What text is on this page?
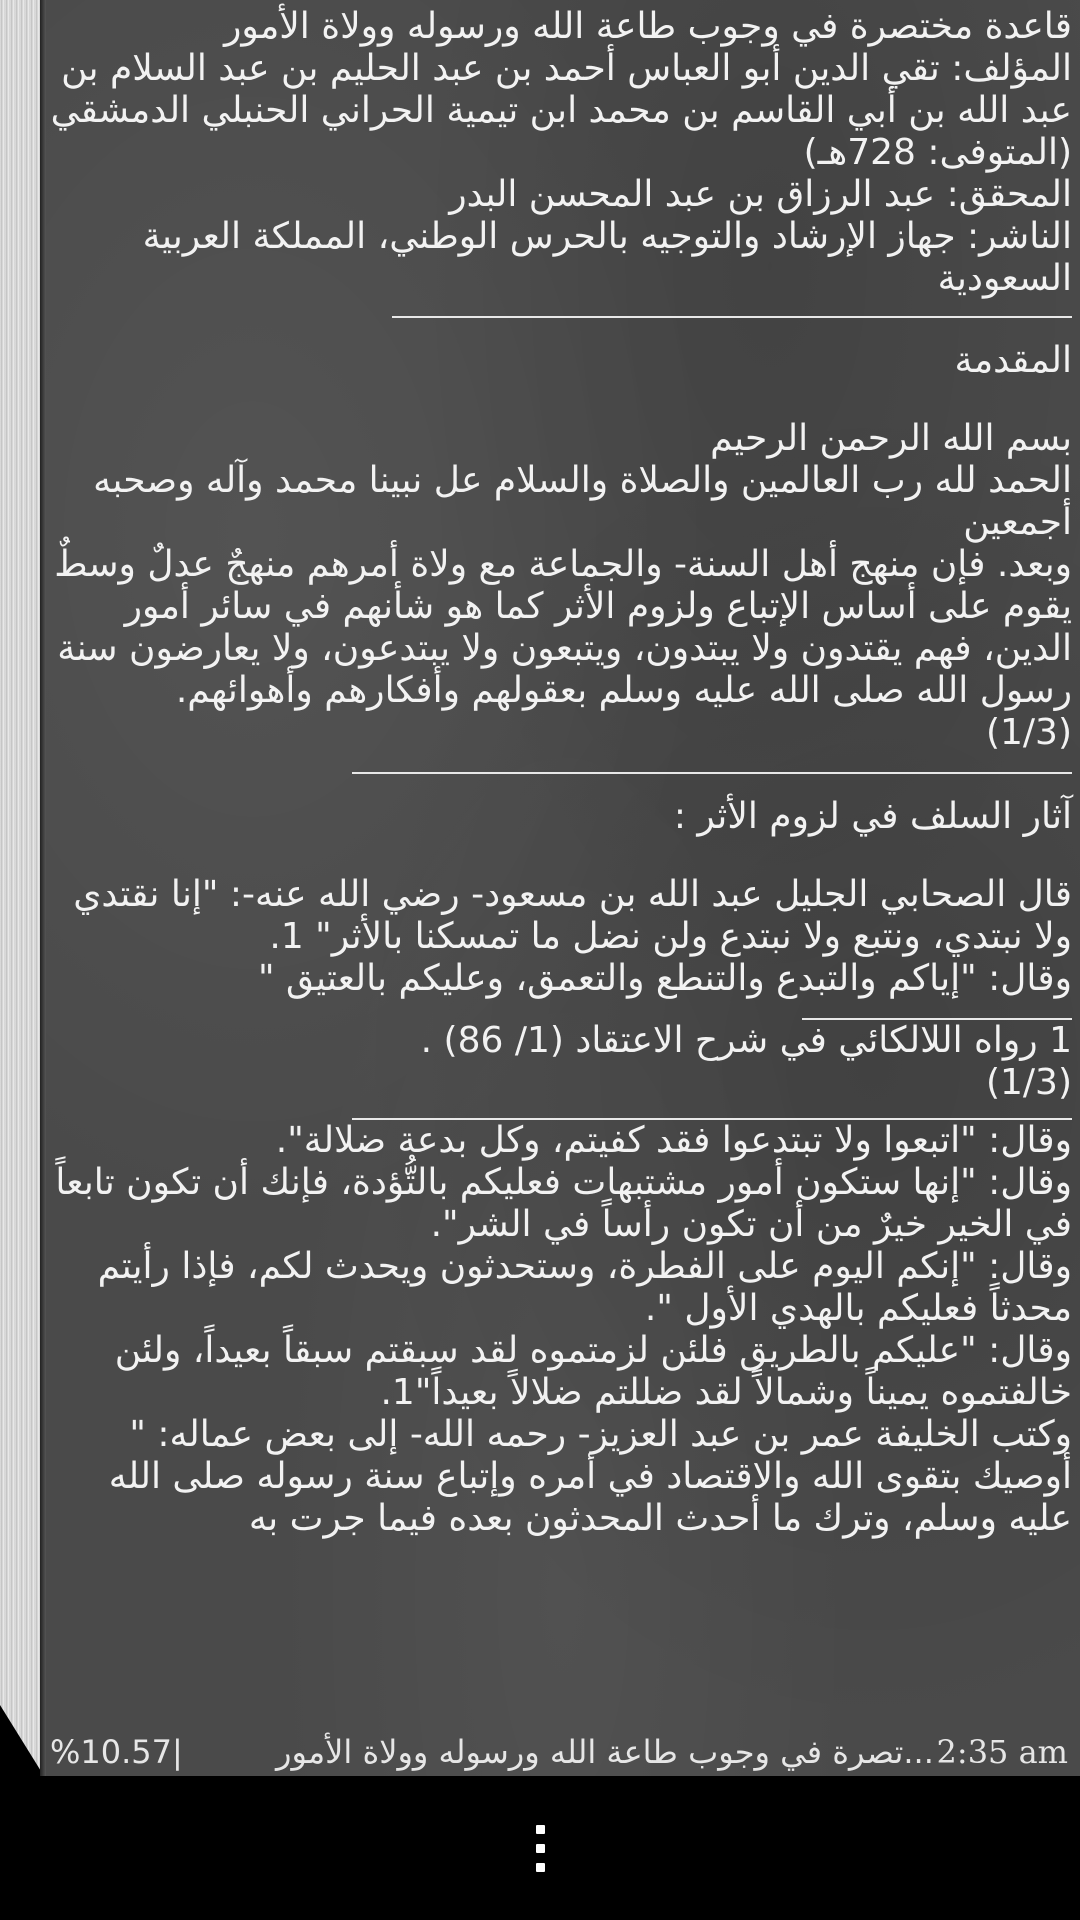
قاعدة مختصرة في وجوب طاعة الله ورسوله وولاة الأمور

المؤلف: تقي الدين أبو العباس أحمد بن عبد الحليم بن عبد السلام بن عبد الله بن أبي القاسم بن محمد ابن تيمية الحراني الحنبلي الدمشقي (المتوفى: 728هـ)

المحقق: عبد الرزاق بن عبد المحسن البدر

الناشر: جهاز الإرشاد والتوجيه بالحرس الوطني، المملكة العربية السعودية

المقدمة

بسم الله الرحمن الرحيم

الحمد لله رب العالمين والصلاة والسلام عل نبينا محمد وآله وصحبه أجمعين

وبعد. فإن منهج أهل السنة- والجماعة مع ولاة أمرهم منهجٌ عدلٌ وسطٌ يقوم على أساس الإتباع ولزوم الأثر كما هو شأنهم في سائر أمور الدين، فهم يقتدون ولا يبتدون، ويتبعون ولا يبتدعون، ولا يعارضون سنة رسول الله صلى الله عليه وسلم بعقولهم وأفكارهم وأهوائهم.

(1/3)

آثار السلف في لزوم الأثر :

قال الصحابي الجليل عبد الله بن مسعود- رضي الله عنه-: "إنا نقتدي ولا نبتدي، ونتبع ولا نبتدع ولن نضل ما تمسكنا بالأثر" 1.

وقال: "إياكم والتبدع والتنطع والتعمق، وعليكم بالعتيق "

1 رواه اللالكائي في شرح الاعتقاد (1/ 86) .

(1/3)

وقال: "اتبعوا ولا تبتدعوا فقد كفيتم، وكل بدعة ضلالة".

وقال: "إنها ستكون أمور مشتبهات فعليكم بالتُّؤدة، فإنك أن تكون تابعاً في الخير خيرٌ من أن تكون رأساً في الشر".

وقال: "إنكم اليوم على الفطرة، وستحدثون ويحدث لكم، فإذا رأيتم محدثاً فعليكم بالهدي الأول ".

وقال: "عليكم بالطريق فلئن لزمتموه لقد سبقتم سبقاً بعيداً، ولئن خالفتموه يميناً وشمالاً لقد ضللتم ضلالاً بعيداً"1.

وكتب الخليفة عمر بن عبد العزيز- رحمه الله- إلى بعض عماله: " أوصيك بتقوى الله والاقتصاد في أمره وإتباع سنة رسوله صلى الله عليه وسلم، وترك ما أحدث المحدثون بعده فيما جرت به

%10.57|	...تصرة في وجوب طاعة الله ورسوله وولاة الأمور 2:35 am
